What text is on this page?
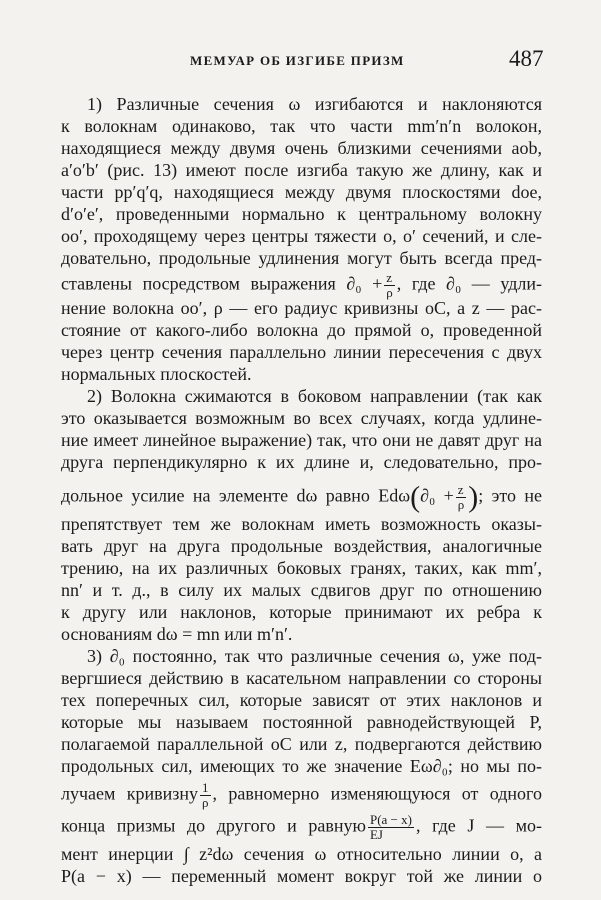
МЕМУАР ОБ ИЗГИБЕ ПРИЗМ	487
1) Различные сечения ω изгибаются и наклоняются
к волокнам одинаково, так что части mm′n′n волокон,
находящиеся между двумя очень близкими сечениями aob,
a′o′b′ (рис. 13) имеют после изгиба такую же длину, как и
части pp′q′q, находящиеся между двумя плоскостями doe,
d′o′e′, проведенными нормально к центральному волокну
oo′, проходящему через центры тяжести o, o′ сечений, и сле-
довательно, продольные удлинения могут быть всегда пред-
ставлены посредством выражения $\partial_0 + \frac{z}{\rho}$ , где ∂₀ — удли-
нение волокна oo′, ρ — его радиус кривизны oC, а z — рас-
стояние от какого-либо волокна до прямой o, проведенной
через центр сечения параллельно линии пересечения c двух
нормальных плоскостей.
2) Волокна сжимаются в боковом направлении (так как
это оказывается возможным во всех случаях, когда удлине-
ние имеет линейное выражение) так, что они не давят друг на
друга перпендикулярно к их длине и, следовательно, про-
дольное усилие на элементе dω равно $Ed\omega(\partial_0 + \frac{z}{\rho}$ ); это не
препятствует тем же волокнам иметь возможность оказы-
вать друг на друга продольные воздействия, аналогичные
трению, на их различных боковых гранях, таких, как mm′,
nn′ и т. д., в силу их малых сдвигов друг по отношению
к другу или наклонов, которые принимают их ребра к
основаниям dω = mn или m′n′.
3) ∂₀ постоянно, так что различные сечения ω, уже под-
вергшиеся действию в касательном направлении со стороны
тех поперечных сил, которые зависят от этих наклонов и
которые мы называем постоянной равнодействующей P,
полагаемой параллельной oC или z, подвергаются действию
продольных сил, имеющих то же значение Eω∂₀; но мы по-
лучаем кривизну $\frac{1}{\rho}$ , равномерно изменяющуюся от одного
конца призмы до другого и равную $\frac{P(a - x)}{EJ}$ , где J — мо-
мент инерции ∫ z²dω сечения ω относительно линии o, а
P(a − x) — переменный момент вокруг той же линии o
